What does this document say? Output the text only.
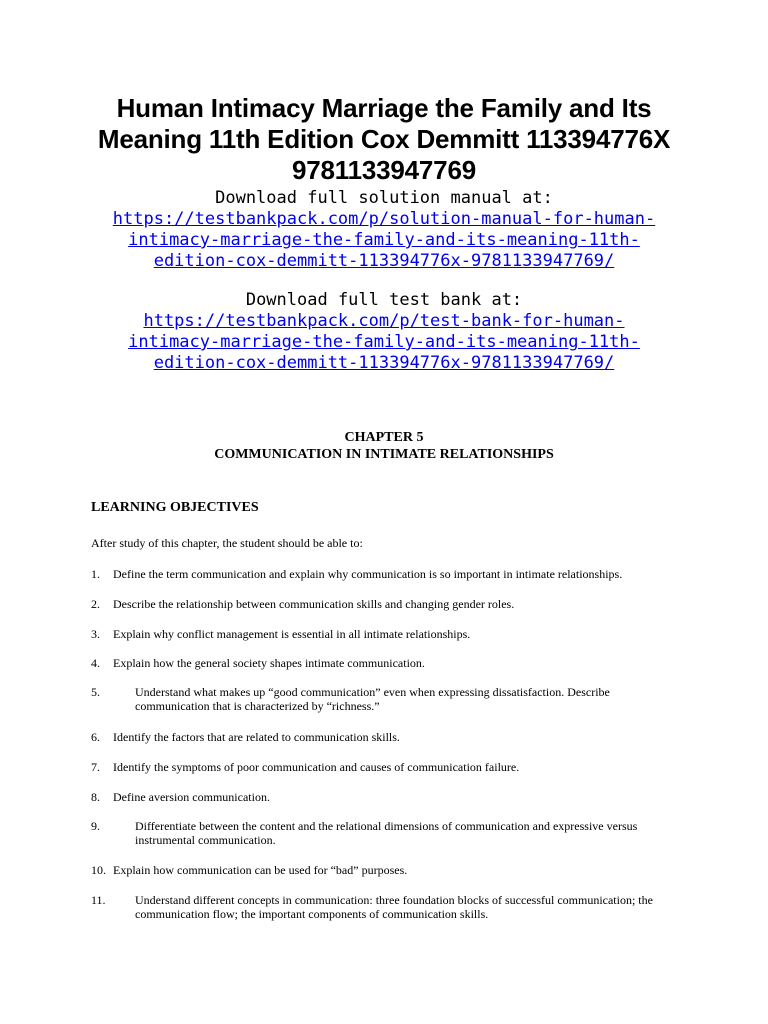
Human Intimacy Marriage the Family and Its
Meaning 11th Edition Cox Demmitt 113394776X
9781133947769
Download full solution manual at:
https://testbankpack.com/p/solution-manual-for-human-
intimacy-marriage-the-family-and-its-meaning-11th-
edition-cox-demmitt-113394776x-9781133947769/
Download full test bank at:
https://testbankpack.com/p/test-bank-for-human-
intimacy-marriage-the-family-and-its-meaning-11th-
edition-cox-demmitt-113394776x-9781133947769/
CHAPTER 5
COMMUNICATION IN INTIMATE RELATIONSHIPS
LEARNING OBJECTIVES
After study of this chapter, the student should be able to:
1. Define the term communication and explain why communication is so important in intimate relationships.
2. Describe the relationship between communication skills and changing gender roles.
3. Explain why conflict management is essential in all intimate relationships.
4. Explain how the general society shapes intimate communication.
5.	Understand what makes up “good communication” even when expressing dissatisfaction. Describe
communication that is characterized by “richness.”
6. Identify the factors that are related to communication skills.
7. Identify the symptoms of poor communication and causes of communication failure.
8. Define aversion communication.
9.	Differentiate between the content and the relational dimensions of communication and expressive versus
instrumental communication.
10. Explain how communication can be used for “bad” purposes.
11. Understand different concepts in communication: three foundation blocks of successful communication; the
communication flow; the important components of communication skills.
